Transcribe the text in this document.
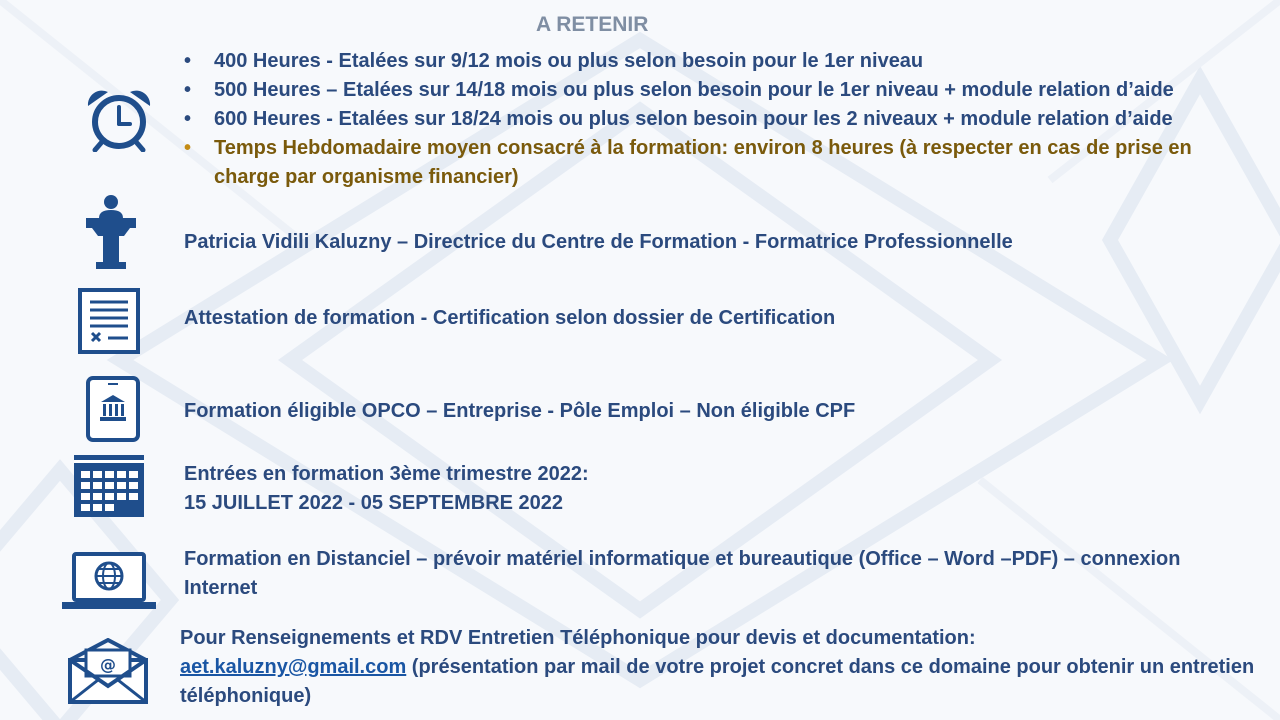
A RETENIR
• 400 Heures - Etalées sur 9/12 mois ou plus selon besoin pour le 1er niveau
• 500 Heures – Etalées sur 14/18 mois ou plus selon besoin pour le 1er niveau + module relation d’aide
• 600 Heures - Etalées sur 18/24 mois ou plus selon besoin pour les 2 niveaux + module relation d’aide
• Temps Hebdomadaire moyen consacré à la formation: environ 8 heures (à respecter en cas de prise en charge par organisme financier)
Patricia Vidili Kaluzny – Directrice du Centre de Formation - Formatrice Professionnelle
Attestation de formation - Certification selon dossier de Certification
Formation éligible OPCO – Entreprise - Pôle Emploi – Non éligible CPF
Entrées en formation 3ème trimestre 2022:
15 JUILLET 2022 - 05 SEPTEMBRE 2022
Formation en Distanciel – prévoir matériel informatique et bureautique (Office – Word –PDF) – connexion Internet
@
Pour Renseignements et RDV Entretien Téléphonique pour devis et documentation:
aet.kaluzny@gmail.com (présentation par mail de votre projet concret dans ce domaine pour obtenir un entretien téléphonique)
